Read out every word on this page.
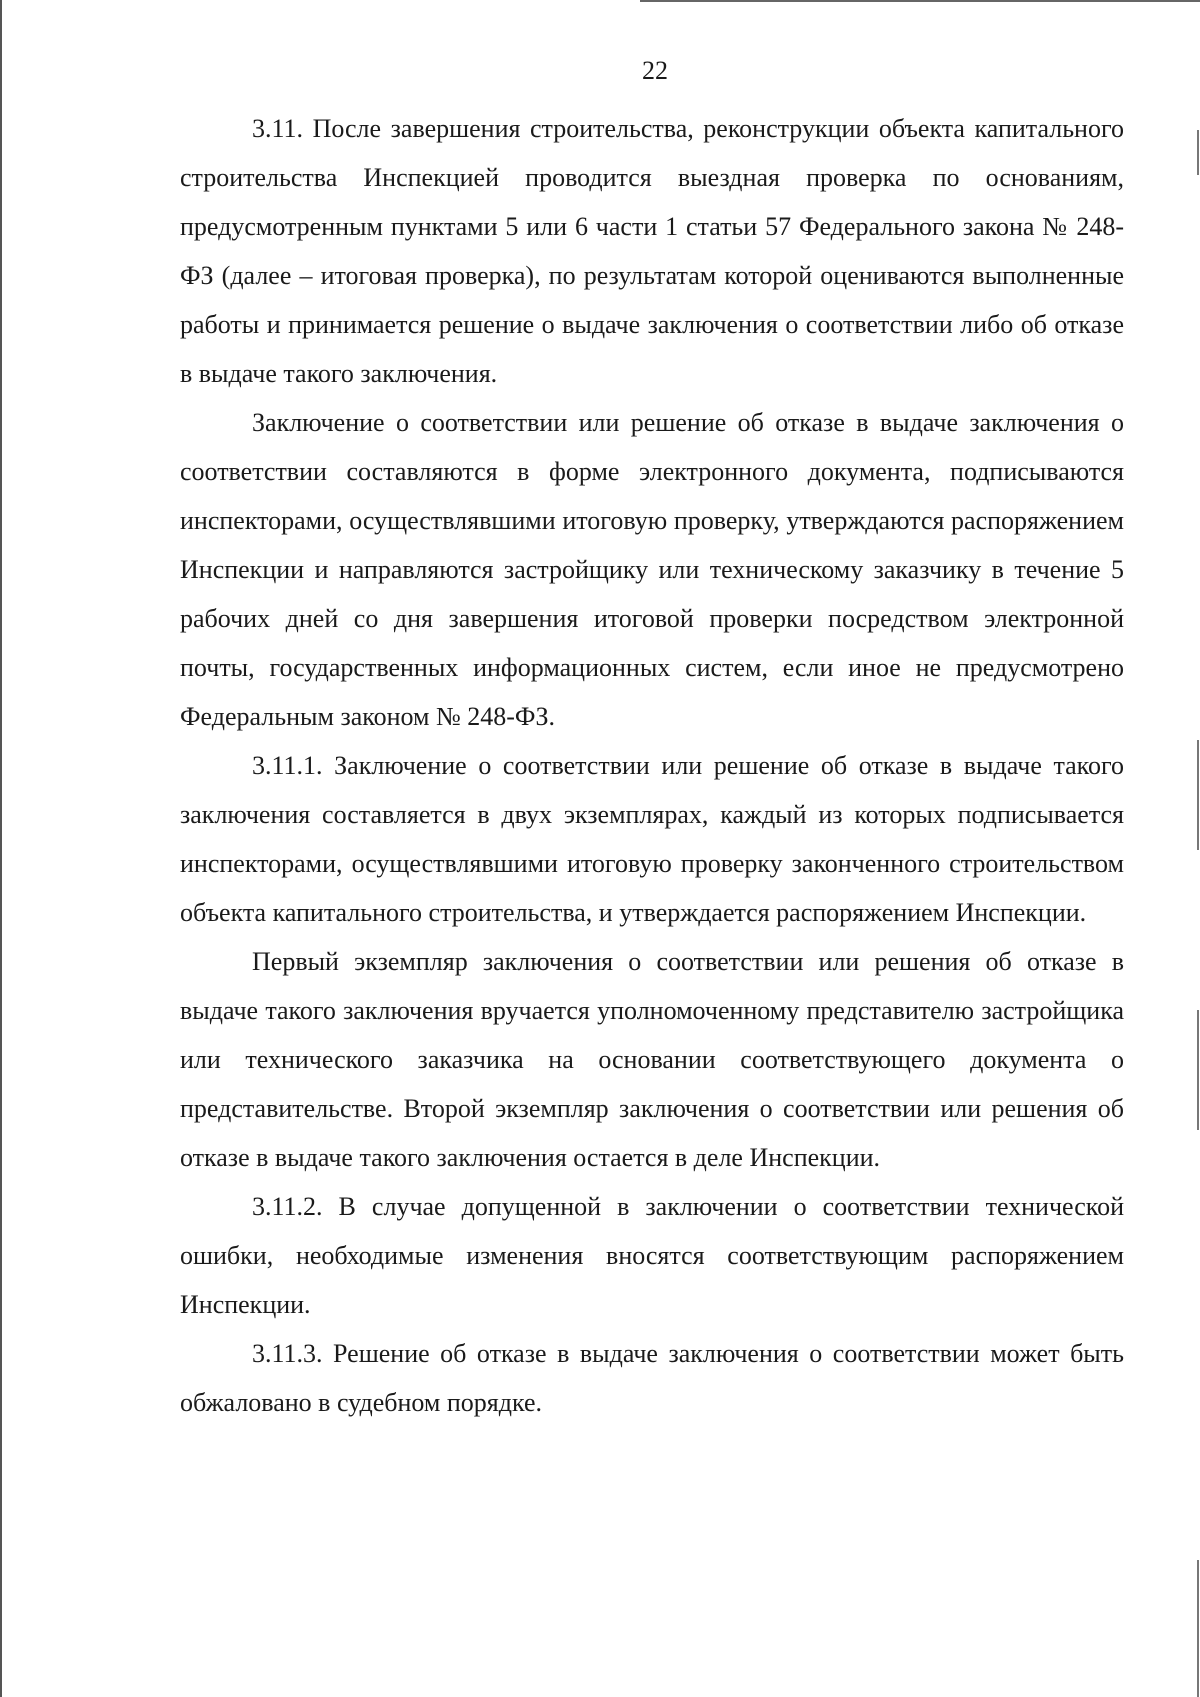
22

3.11. После завершения строительства, реконструкции объекта капитального строительства Инспекцией проводится выездная проверка по основаниям, предусмотренным пунктами 5 или 6 части 1 статьи 57 Федерального закона № 248-ФЗ (далее – итоговая проверка), по результатам которой оцениваются выполненные работы и принимается решение о выдаче заключения о соответствии либо об отказе в выдаче такого заключения.

Заключение о соответствии или решение об отказе в выдаче заключения о соответствии составляются в форме электронного документа, подписываются инспекторами, осуществлявшими итоговую проверку, утверждаются распоряжением Инспекции и направляются застройщику или техническому заказчику в течение 5 рабочих дней со дня завершения итоговой проверки посредством электронной почты, государственных информационных систем, если иное не предусмотрено Федеральным законом № 248-ФЗ.

3.11.1. Заключение о соответствии или решение об отказе в выдаче такого заключения составляется в двух экземплярах, каждый из которых подписывается инспекторами, осуществлявшими итоговую проверку законченного строительством объекта капитального строительства, и утверждается распоряжением Инспекции.

Первый экземпляр заключения о соответствии или решения об отказе в выдаче такого заключения вручается уполномоченному представителю застройщика или технического заказчика на основании соответствующего документа о представительстве. Второй экземпляр заключения о соответствии или решения об отказе в выдаче такого заключения остается в деле Инспекции.

3.11.2. В случае допущенной в заключении о соответствии технической ошибки, необходимые изменения вносятся соответствующим распоряжением Инспекции.

3.11.3. Решение об отказе в выдаче заключения о соответствии может быть обжаловано в судебном порядке.
